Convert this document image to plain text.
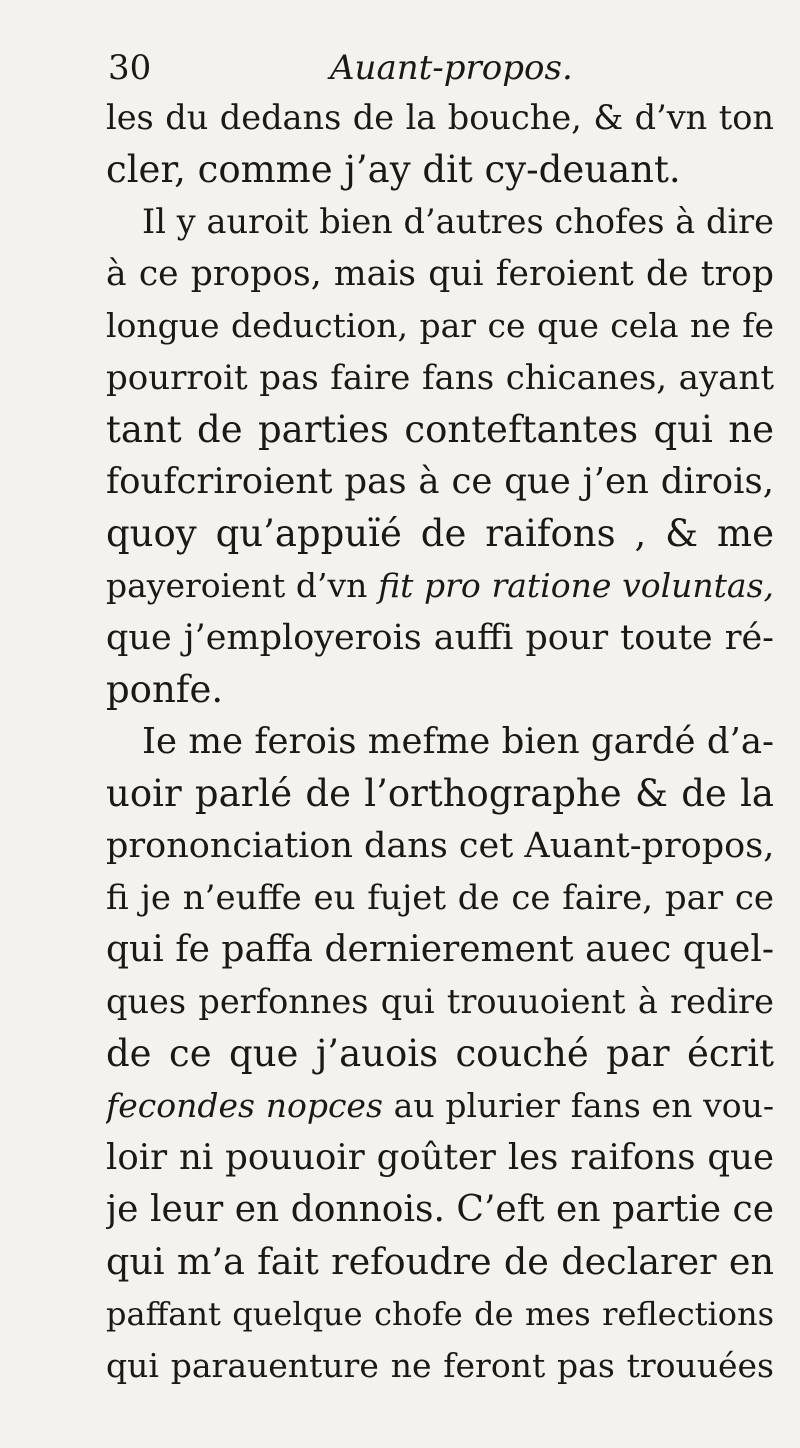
30	Auant-propos.
les du dedans de la bouche, & d’vn ton
cler, comme j’ay dit cy-deuant.
Il y auroit bien d’autres chofes à dire
à ce propos, mais qui feroient de trop
longue deduction, par ce que cela ne fe
pourroit pas faire fans chicanes, ayant
tant de parties conteftantes qui ne
foufcriroient pas à ce que j’en dirois,
quoy qu’appuïé de raifons , & me
payeroient d’vn fit pro ratione voluntas,
que j’employerois auffi pour toute ré-
ponfe.
Ie me ferois mefme bien gardé d’a-
uoir parlé de l’orthographe & de la
prononciation dans cet Auant-propos,
fi je n’euffe eu fujet de ce faire, par ce
qui fe paffa dernierement auec quel-
ques perfonnes qui trouuoient à redire
de ce que j’auois couché par écrit
fecondes nopces au plurier fans en vou-
loir ni pouuoir goûter les raifons que
je leur en donnois. C’eft en partie ce
qui m’a fait refoudre de declarer en
paffant quelque chofe de mes reflections
qui parauenture ne feront pas trouuées
